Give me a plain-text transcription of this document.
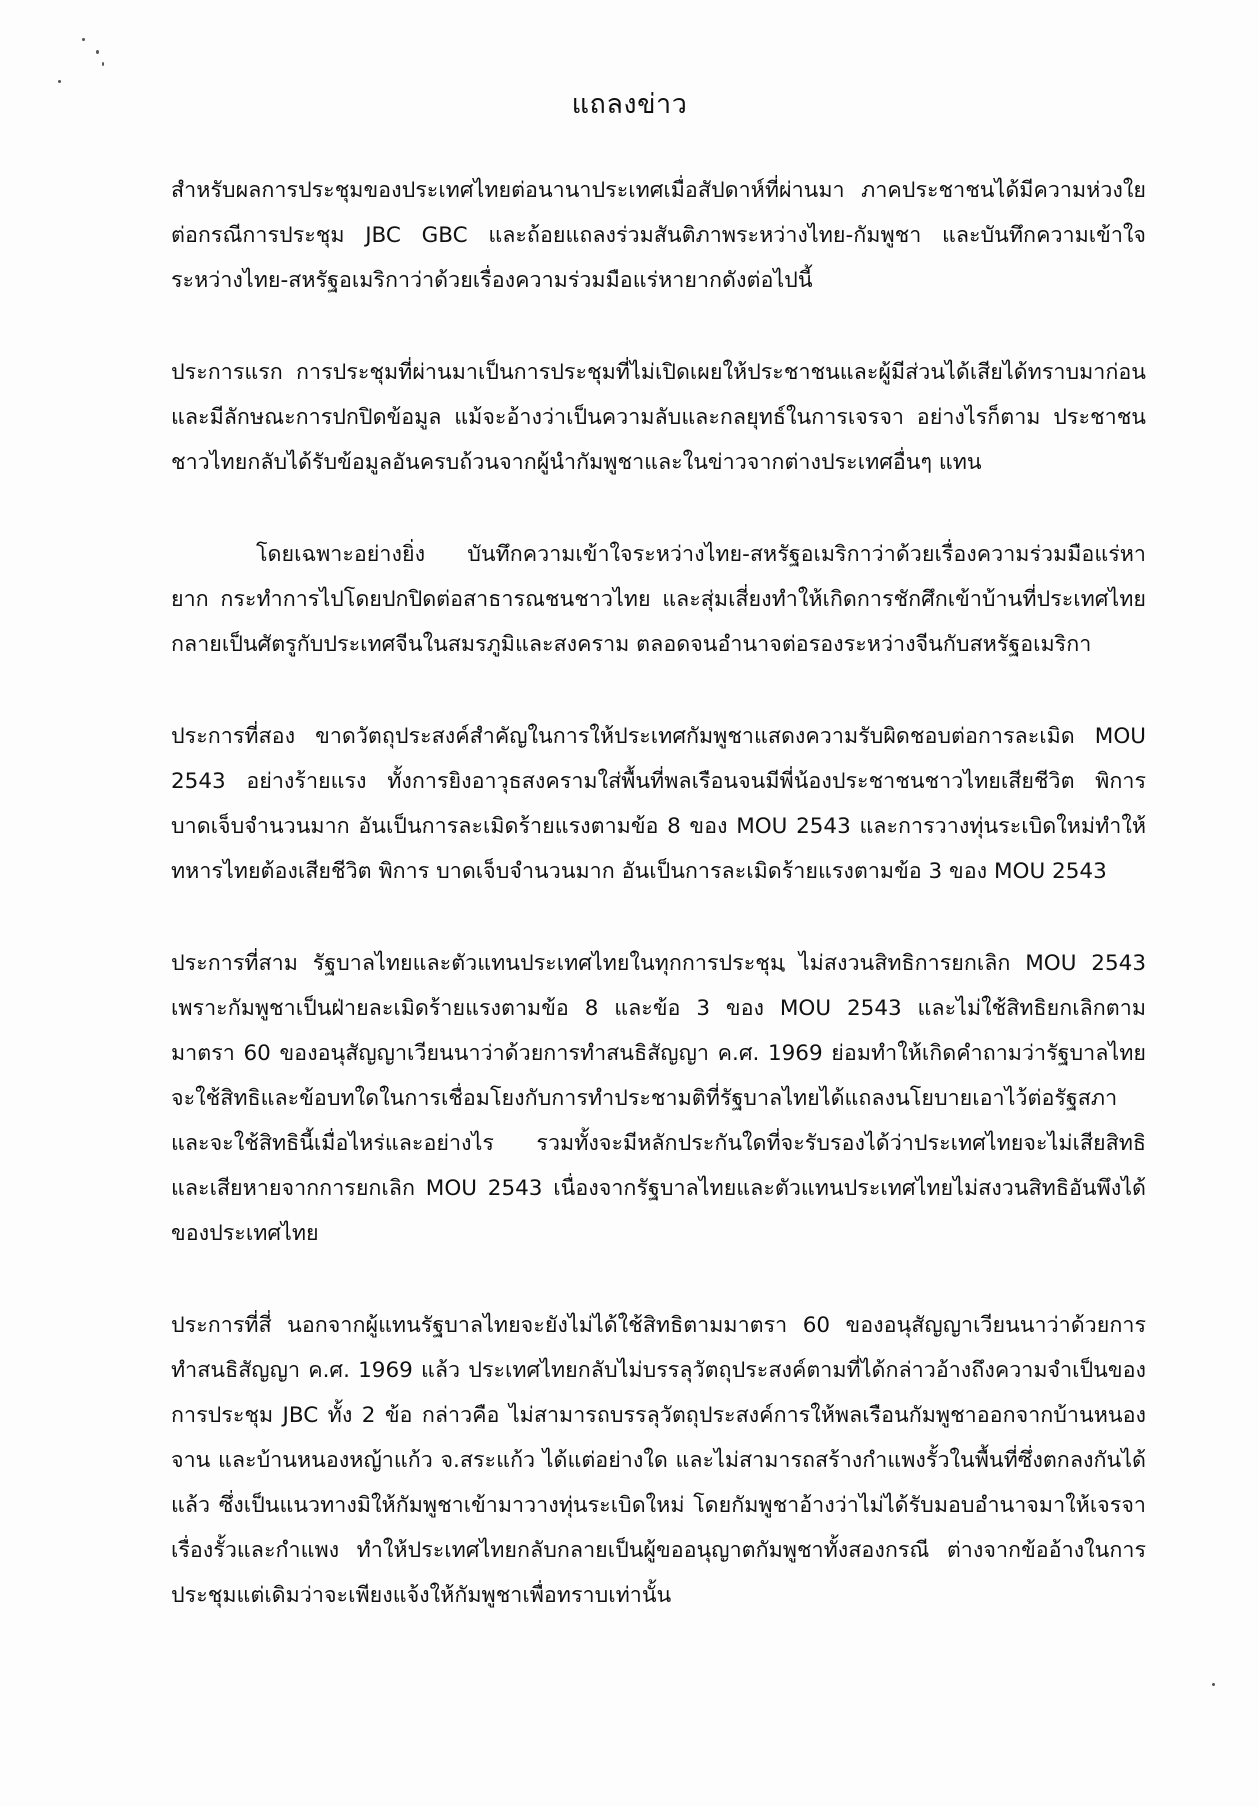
แถลงข่าว

สำหรับผลการประชุมของประเทศไทยต่อนานาประเทศเมื่อสัปดาห์ที่ผ่านมา ภาคประชาชนได้มีความห่วงใยต่อกรณีการประชุม JBC GBC และถ้อยแถลงร่วมสันติภาพระหว่างไทย-กัมพูชา และบันทึกความเข้าใจระหว่างไทย-สหรัฐอเมริกาว่าด้วยเรื่องความร่วมมือแร่หายากดังต่อไปนี้

ประการแรก การประชุมที่ผ่านมาเป็นการประชุมที่ไม่เปิดเผยให้ประชาชนและผู้มีส่วนได้เสียได้ทราบมาก่อน และมีลักษณะการปกปิดข้อมูล แม้จะอ้างว่าเป็นความลับและกลยุทธ์ในการเจรจา อย่างไรก็ตาม ประชาชนชาวไทยกลับได้รับข้อมูลอันครบถ้วนจากผู้นำกัมพูชาและในข่าวจากต่างประเทศอื่นๆ แทน

โดยเฉพาะอย่างยิ่ง บันทึกความเข้าใจระหว่างไทย-สหรัฐอเมริกาว่าด้วยเรื่องความร่วมมือแร่หายาก กระทำการไปโดยปกปิดต่อสาธารณชนชาวไทย และสุ่มเสี่ยงทำให้เกิดการชักศึกเข้าบ้านที่ประเทศไทยกลายเป็นศัตรูกับประเทศจีนในสมรภูมิและสงคราม ตลอดจนอำนาจต่อรองระหว่างจีนกับสหรัฐอเมริกา

ประการที่สอง ขาดวัตถุประสงค์สำคัญในการให้ประเทศกัมพูชาแสดงความรับผิดชอบต่อการละเมิด MOU 2543 อย่างร้ายแรง ทั้งการยิงอาวุธสงครามใส่พื้นที่พลเรือนจนมีพี่น้องประชาชนชาวไทยเสียชีวิต พิการ บาดเจ็บจำนวนมาก อันเป็นการละเมิดร้ายแรงตามข้อ 8 ของ MOU 2543 และการวางทุ่นระเบิดใหม่ทำให้ทหารไทยต้องเสียชีวิต พิการ บาดเจ็บจำนวนมาก อันเป็นการละเมิดร้ายแรงตามข้อ 3 ของ MOU 2543

ประการที่สาม รัฐบาลไทยและตัวแทนประเทศไทยในทุกการประชุม ไม่สงวนสิทธิการยกเลิก MOU 2543 เพราะกัมพูชาเป็นฝ่ายละเมิดร้ายแรงตามข้อ 8 และข้อ 3 ของ MOU 2543 และไม่ใช้สิทธิยกเลิกตามมาตรา 60 ของอนุสัญญาเวียนนาว่าด้วยการทำสนธิสัญญา ค.ศ. 1969 ย่อมทำให้เกิดคำถามว่ารัฐบาลไทยจะใช้สิทธิและข้อบทใดในการเชื่อมโยงกับการทำประชามติที่รัฐบาลไทยได้แถลงนโยบายเอาไว้ต่อรัฐสภา และจะใช้สิทธินี้เมื่อไหร่และอย่างไร รวมทั้งจะมีหลักประกันใดที่จะรับรองได้ว่าประเทศไทยจะไม่เสียสิทธิและเสียหายจากการยกเลิก MOU 2543 เนื่องจากรัฐบาลไทยและตัวแทนประเทศไทยไม่สงวนสิทธิอันพึงได้ของประเทศไทย

ประการที่สี่ นอกจากผู้แทนรัฐบาลไทยจะยังไม่ได้ใช้สิทธิตามมาตรา 60 ของอนุสัญญาเวียนนาว่าด้วยการทำสนธิสัญญา ค.ศ. 1969 แล้ว ประเทศไทยกลับไม่บรรลุวัตถุประสงค์ตามที่ได้กล่าวอ้างถึงความจำเป็นของการประชุม JBC ทั้ง 2 ข้อ กล่าวคือ ไม่สามารถบรรลุวัตถุประสงค์การให้พลเรือนกัมพูชาออกจากบ้านหนองจาน และบ้านหนองหญ้าแก้ว จ.สระแก้ว ได้แต่อย่างใด และไม่สามารถสร้างกำแพงรั้วในพื้นที่ซึ่งตกลงกันได้แล้ว ซึ่งเป็นแนวทางมิให้กัมพูชาเข้ามาวางทุ่นระเบิดใหม่ โดยกัมพูชาอ้างว่าไม่ได้รับมอบอำนาจมาให้เจรจาเรื่องรั้วและกำแพง ทำให้ประเทศไทยกลับกลายเป็นผู้ขออนุญาตกัมพูชาทั้งสองกรณี ต่างจากข้ออ้างในการประชุมแต่เดิมว่าจะเพียงแจ้งให้กัมพูชาเพื่อทราบเท่านั้น
